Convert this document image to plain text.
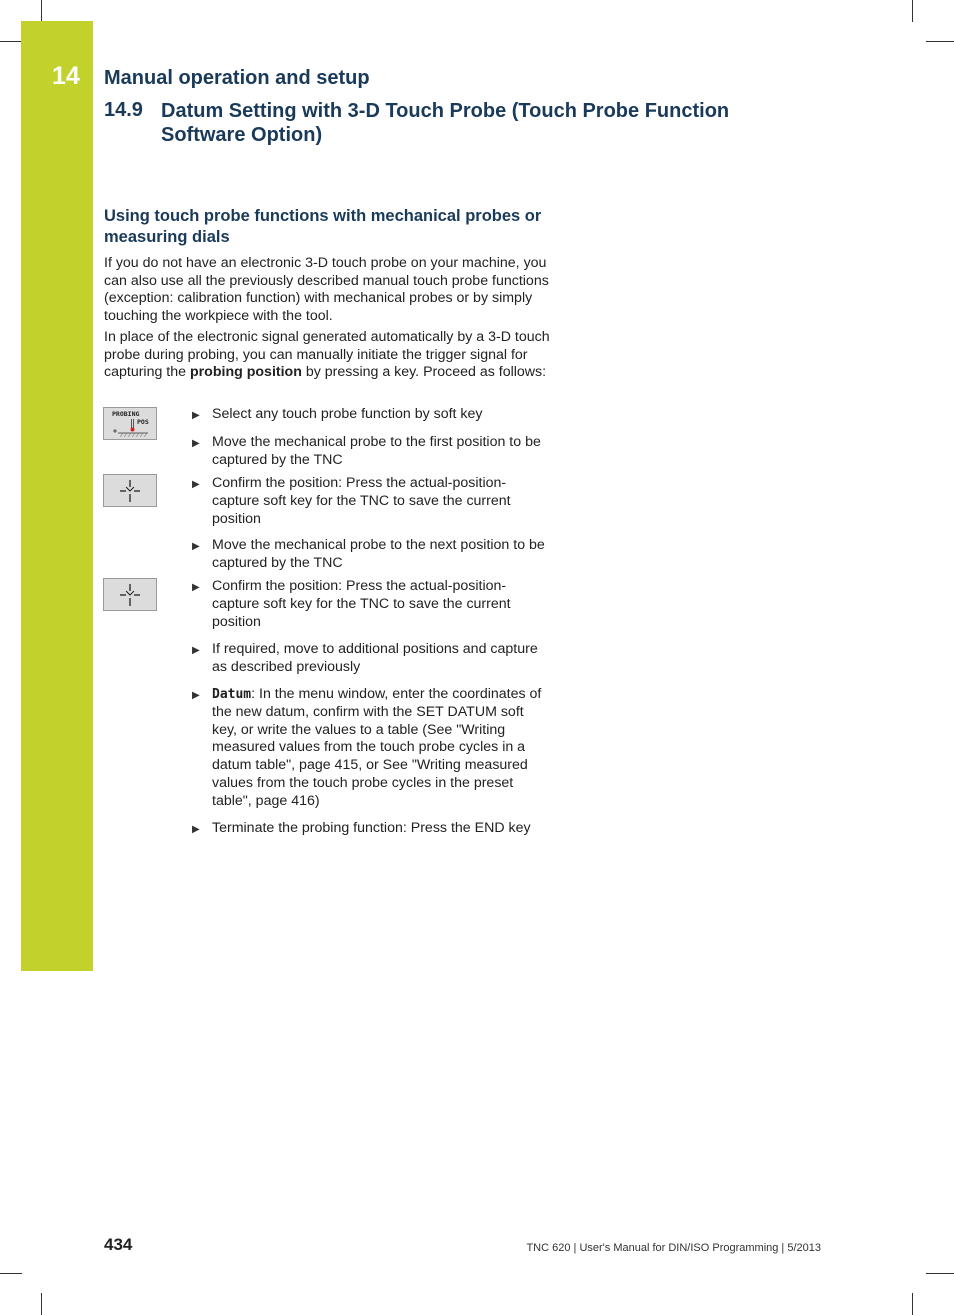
14 Manual operation and setup
14.9 Datum Setting with 3-D Touch Probe (Touch Probe Function Software Option)
Using touch probe functions with mechanical probes or measuring dials
If you do not have an electronic 3-D touch probe on your machine, you can also use all the previously described manual touch probe functions (exception: calibration function) with mechanical probes or by simply touching the workpiece with the tool.
In place of the electronic signal generated automatically by a 3-D touch probe during probing, you can manually initiate the trigger signal for capturing the probing position by pressing a key. Proceed as follows:
PROBING
POS
▶ Select any touch probe function by soft key
▶ Move the mechanical probe to the first position to be captured by the TNC
▶ Confirm the position: Press the actual-position-capture soft key for the TNC to save the current position
▶ Move the mechanical probe to the next position to be captured by the TNC
▶ Confirm the position: Press the actual-position-capture soft key for the TNC to save the current position
▶ If required, move to additional positions and capture as described previously
▶ Datum: In the menu window, enter the coordinates of the new datum, confirm with the SET DATUM soft key, or write the values to a table (See "Writing measured values from the touch probe cycles in a datum table", page 415, or See "Writing measured values from the touch probe cycles in the preset table", page 416)
▶ Terminate the probing function: Press the END key
434	TNC 620 | User's Manual for DIN/ISO Programming | 5/2013
